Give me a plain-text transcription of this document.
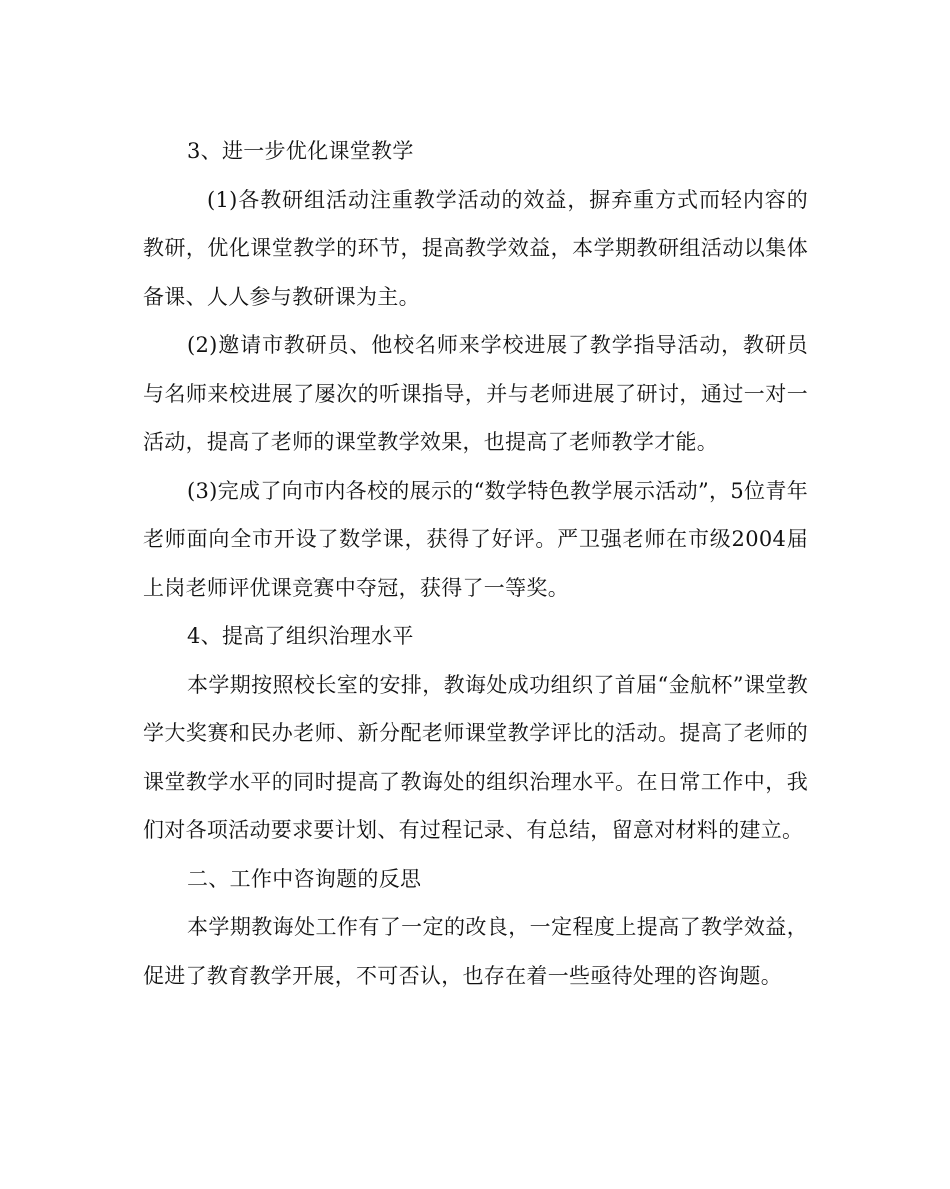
3、进一步优化课堂教学

(1)各教研组活动注重教学活动的效益，摒弃重方式而轻内容的教研，优化课堂教学的环节，提高教学效益，本学期教研组活动以集体备课、人人参与教研课为主。

(2)邀请市教研员、他校名师来学校进展了教学指导活动，教研员与名师来校进展了屡次的听课指导，并与老师进展了研讨，通过一对一活动，提高了老师的课堂教学效果，也提高了老师教学才能。

(3)完成了向市内各校的展示的“数学特色教学展示活动”，5位青年老师面向全市开设了数学课，获得了好评。严卫强老师在市级2004届上岗老师评优课竞赛中夺冠，获得了一等奖。

4、提高了组织治理水平

本学期按照校长室的安排，教诲处成功组织了首届“金航杯”课堂教学大奖赛和民办老师、新分配老师课堂教学评比的活动。提高了老师的课堂教学水平的同时提高了教诲处的组织治理水平。在日常工作中，我们对各项活动要求要计划、有过程记录、有总结，留意对材料的建立。

二、工作中咨询题的反思

本学期教诲处工作有了一定的改良，一定程度上提高了教学效益，促进了教育教学开展，不可否认，也存在着一些亟待处理的咨询题。
